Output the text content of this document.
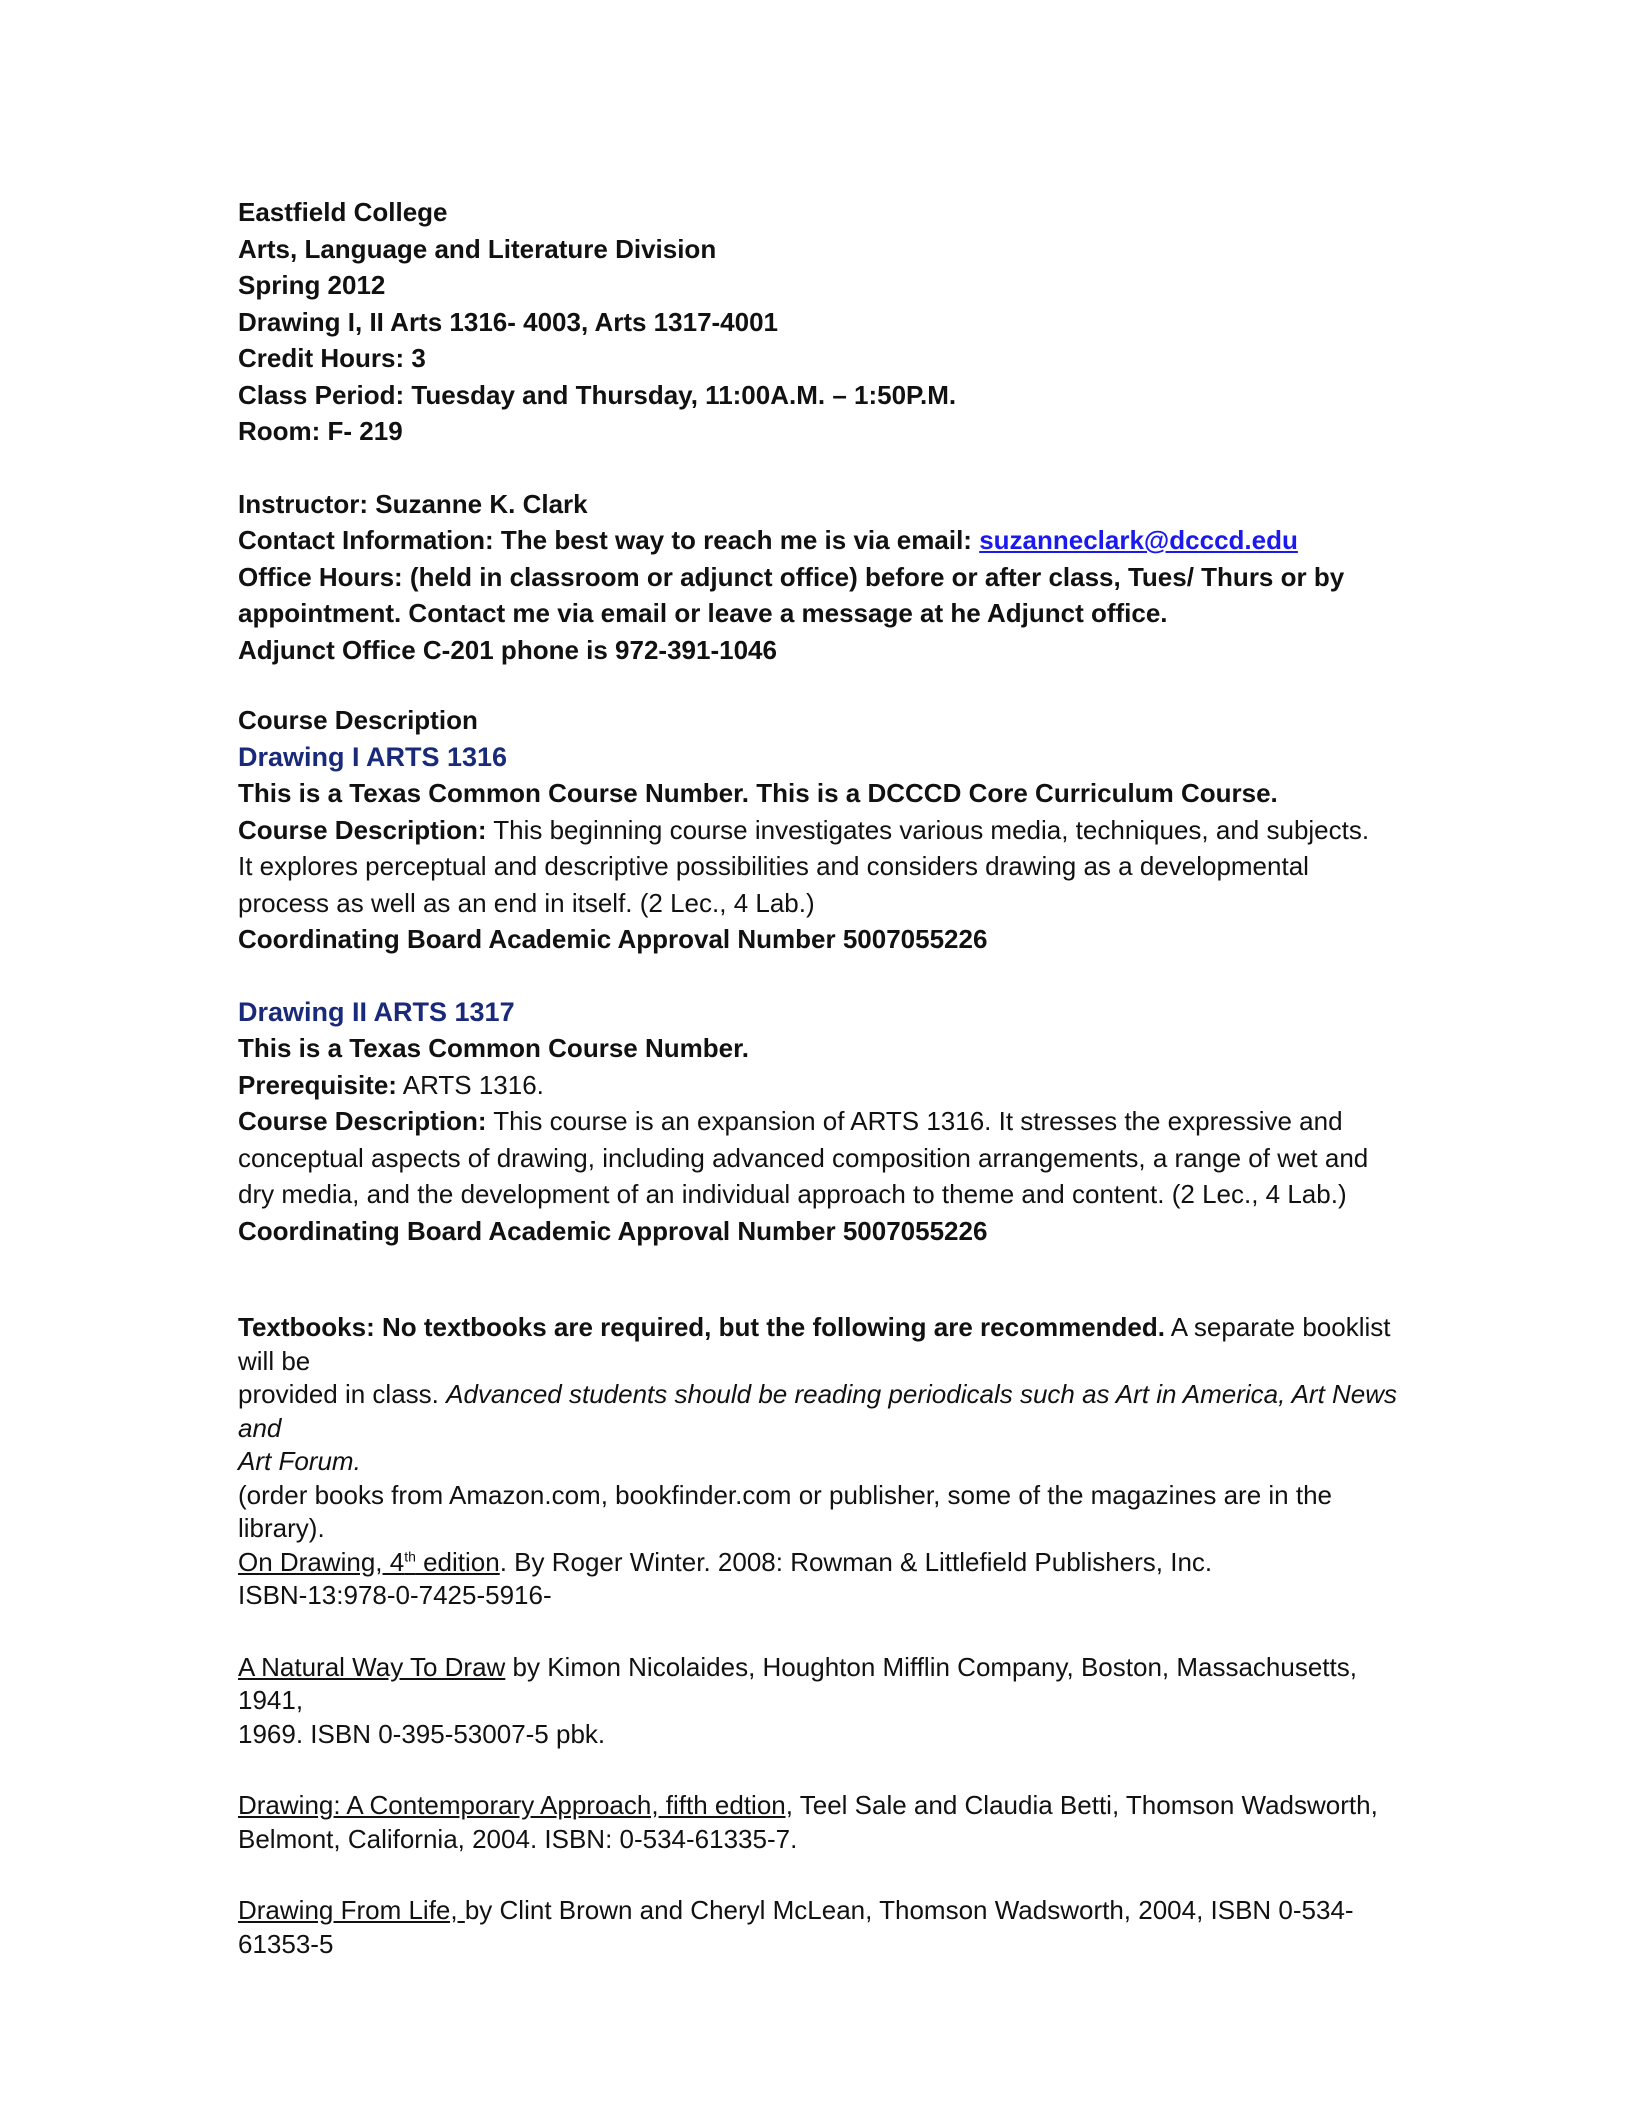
Eastfield College
Arts, Language and Literature Division
Spring 2012
Drawing I, II Arts 1316- 4003, Arts 1317-4001
Credit Hours: 3
Class Period: Tuesday and Thursday, 11:00A.M. – 1:50P.M.
Room: F- 219
Instructor: Suzanne K. Clark
Contact Information: The best way to reach me is via email: suzanneclark@dcccd.edu
Office Hours: (held in classroom or adjunct office) before or after class, Tues/ Thurs or by
appointment. Contact me via email or leave a message at he Adjunct office.
Adjunct Office C-201 phone is 972-391-1046
Course Description
Drawing I ARTS 1316
This is a Texas Common Course Number. This is a DCCCD Core Curriculum Course.
Course Description: This beginning course investigates various media, techniques, and subjects.
It explores perceptual and descriptive possibilities and considers drawing as a developmental
process as well as an end in itself. (2 Lec., 4 Lab.)
Coordinating Board Academic Approval Number 5007055226
Drawing II ARTS 1317
This is a Texas Common Course Number.
Prerequisite: ARTS 1316.
Course Description: This course is an expansion of ARTS 1316. It stresses the expressive and
conceptual aspects of drawing, including advanced composition arrangements, a range of wet and
dry media, and the development of an individual approach to theme and content. (2 Lec., 4 Lab.)
Coordinating Board Academic Approval Number 5007055226
Textbooks: No textbooks are required, but the following are recommended. A separate booklist will be
provided in class. Advanced students should be reading periodicals such as Art in America, Art News and
Art Forum.
(order books from Amazon.com, bookfinder.com or publisher, some of the magazines are in the library).
On Drawing, 4th edition. By Roger Winter. 2008: Rowman & Littlefield Publishers, Inc.
ISBN-13:978-0-7425-5916-
A Natural Way To Draw by Kimon Nicolaides, Houghton Mifflin Company, Boston, Massachusetts, 1941,
1969. ISBN 0-395-53007-5 pbk.
Drawing: A Contemporary Approach, fifth edtion, Teel Sale and Claudia Betti, Thomson Wadsworth,
Belmont, California, 2004. ISBN: 0-534-61335-7.
Drawing From Life, by Clint Brown and Cheryl McLean, Thomson Wadsworth, 2004, ISBN 0-534-61353-5
